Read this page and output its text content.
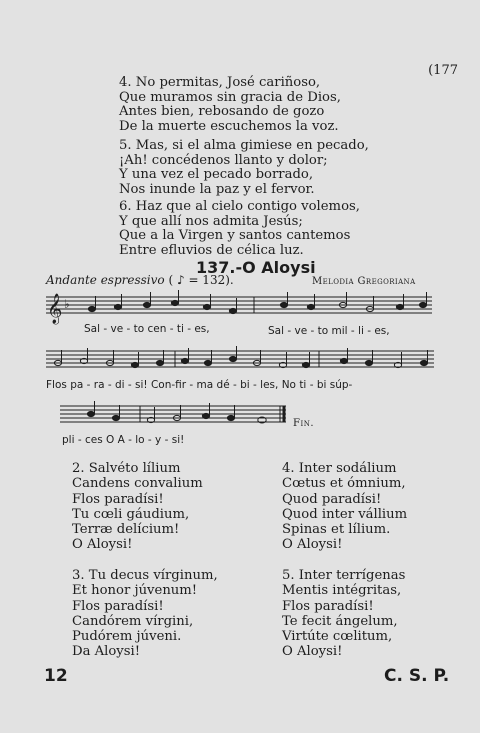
(177
4. No permitas, José cariñoso,
Que muramos sin gracia de Dios,
Antes bien, rebosando de gozo
De la muerte escuchemos la voz.
5. Mas, si el alma gimiese en pecado,
¡Ah! concédenos llanto y dolor;
Y una vez el pecado borrado,
Nos inunde la paz y el fervor.
6. Haz que al cielo contigo volemos,
Y que allí nos admita Jesús;
Que a la Virgen y santos cantemos
Entre efluvios de célica luz.
137.-O Aloysi
Andante espressivo ( ♪ = 132).	Melodia Gregoriana
𝄞 ♭
Sal - ve - to cen - ti - es,	Sal - ve - to mil - li - es,
Flos pa - ra - di - si! Con-fir - ma dé - bi - les, No ti - bi súp-
pli - ces O A - lo - y - si!
Fin.
2. Salvéto lílium
Candens convalium
Flos paradísi!
Tu cœli gáudium,
Terræ delícium!
O Aloysi!
4. Inter sodálium
Cœtus et ómnium,
Quod paradísi!
Quod inter vállium
Spinas et lílium.
O Aloysi!
3. Tu decus vírginum,
Et honor júvenum!
Flos paradísi!
Candórem vírgini,
Pudórem júveni.
Da Aloysi!
5. Inter terrígenas
Mentis intégritas,
Flos paradísi!
Te fecit ángelum,
Virtúte cœlitum,
O Aloysi!
12	C. S. P.
